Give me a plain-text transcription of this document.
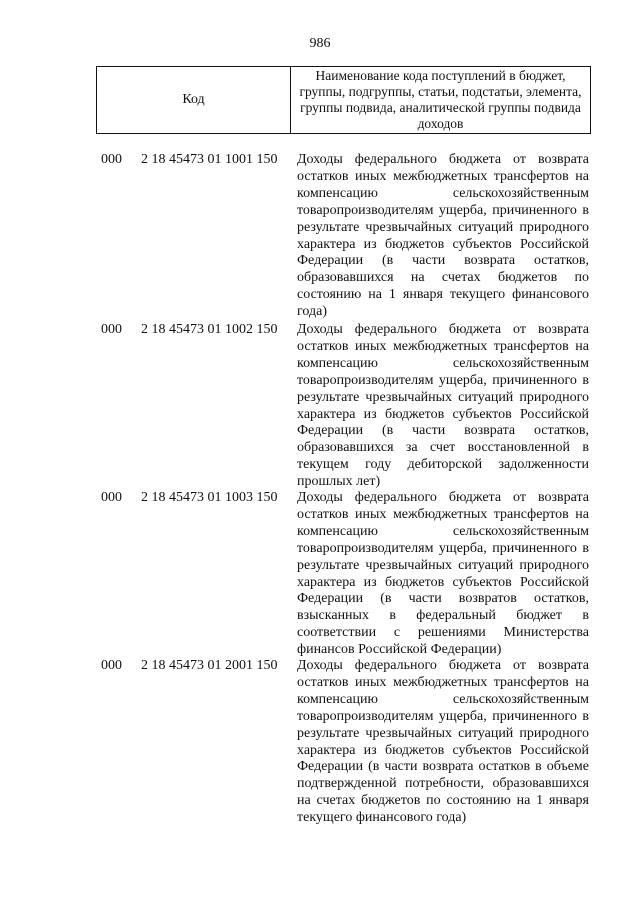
986
Код
Наименование кода поступлений в бюджет, группы, подгруппы, статьи, подстатьи, элемента, группы подвида, аналитической группы подвида доходов
000	2 18 45473 01 1001 150	Доходы федерального бюджета от возврата остатков иных межбюджетных трансфертов на компенсацию сельскохозяйственным товаропроизводителям ущерба, причиненного в результате чрезвычайных ситуаций природного характера из бюджетов субъектов Российской Федерации (в части возврата остатков, образовавшихся на счетах бюджетов по состоянию на 1 января текущего финансового года)
000	2 18 45473 01 1002 150	Доходы федерального бюджета от возврата остатков иных межбюджетных трансфертов на компенсацию сельскохозяйственным товаропроизводителям ущерба, причиненного в результате чрезвычайных ситуаций природного характера из бюджетов субъектов Российской Федерации (в части возврата остатков, образовавшихся за счет восстановленной в текущем году дебиторской задолженности прошлых лет)
000	2 18 45473 01 1003 150	Доходы федерального бюджета от возврата остатков иных межбюджетных трансфертов на компенсацию сельскохозяйственным товаропроизводителям ущерба, причиненного в результате чрезвычайных ситуаций природного характера из бюджетов субъектов Российской Федерации (в части возвратов остатков, взысканных в федеральный бюджет в соответствии с решениями Министерства финансов Российской Федерации)
000	2 18 45473 01 2001 150	Доходы федерального бюджета от возврата остатков иных межбюджетных трансфертов на компенсацию сельскохозяйственным товаропроизводителям ущерба, причиненного в результате чрезвычайных ситуаций природного характера из бюджетов субъектов Российской Федерации (в части возврата остатков в объеме подтвержденной потребности, образовавшихся на счетах бюджетов по состоянию на 1 января текущего финансового года)
